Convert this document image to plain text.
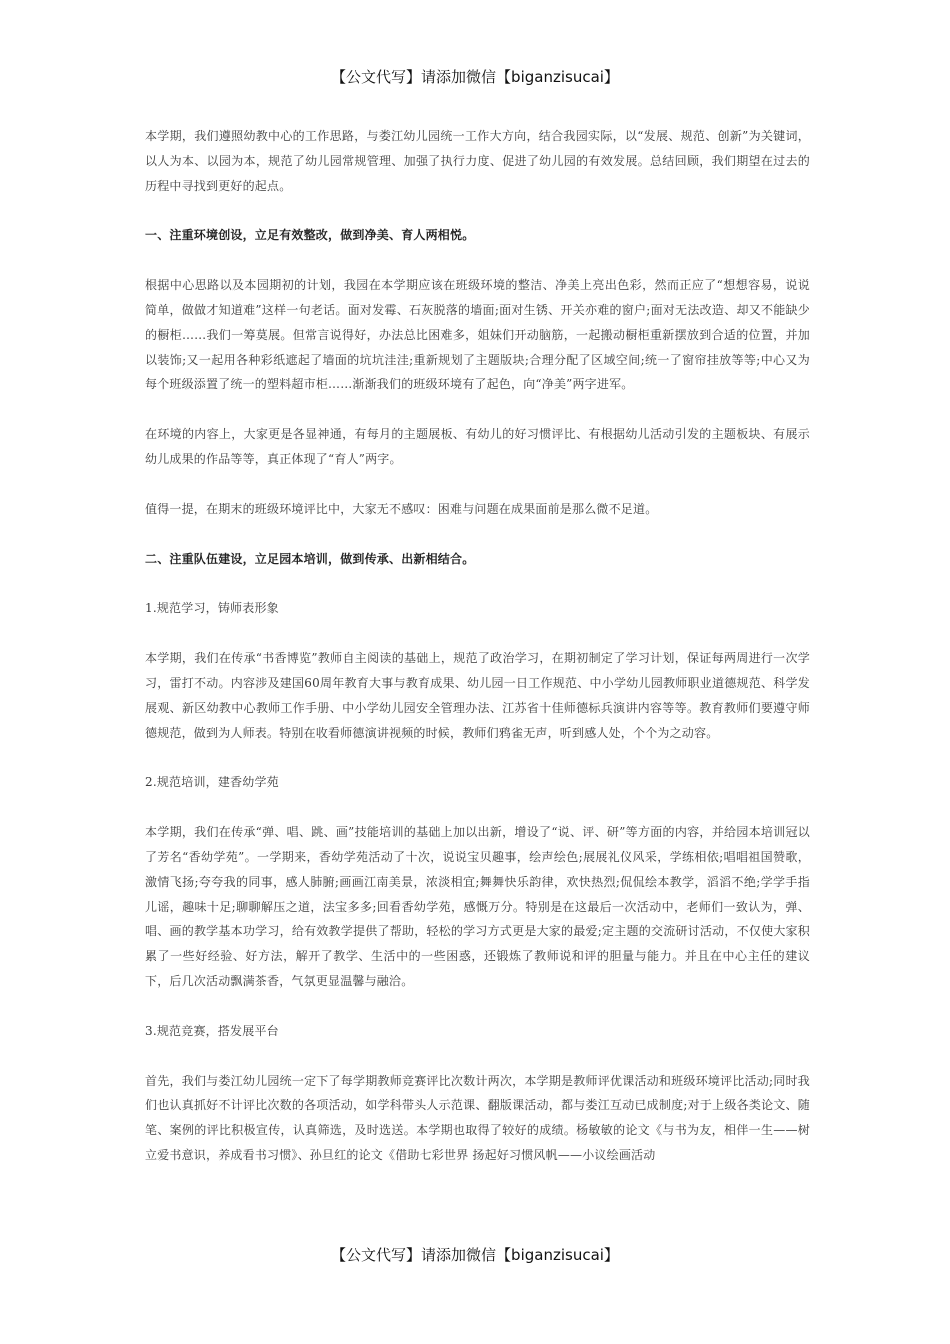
【公文代写】请添加微信【biganzisucai】

本学期，我们遵照幼教中心的工作思路，与娄江幼儿园统一工作大方向，结合我园实际，以“发展、规范、创新”为关键词，以人为本、以园为本，规范了幼儿园常规管理、加强了执行力度、促进了幼儿园的有效发展。总结回顾，我们期望在过去的历程中寻找到更好的起点。

一、注重环境创设，立足有效整改，做到净美、育人两相悦。

根据中心思路以及本园期初的计划，我园在本学期应该在班级环境的整洁、净美上亮出色彩，然而正应了“想想容易，说说简单，做做才知道难”这样一句老话。面对发霉、石灰脱落的墙面;面对生锈、开关亦难的窗户;面对无法改造、却又不能缺少的橱柜……我们一筹莫展。但常言说得好，办法总比困难多，姐妹们开动脑筋，一起搬动橱柜重新摆放到合适的位置，并加以装饰;又一起用各种彩纸遮起了墙面的坑坑洼洼;重新规划了主题版块;合理分配了区域空间;统一了窗帘挂放等等;中心又为每个班级添置了统一的塑料超市柜……渐渐我们的班级环境有了起色，向“净美”两字进军。

在环境的内容上，大家更是各显神通，有每月的主题展板、有幼儿的好习惯评比、有根据幼儿活动引发的主题板块、有展示幼儿成果的作品等等，真正体现了“育人”两字。

值得一提，在期末的班级环境评比中，大家无不感叹：困难与问题在成果面前是那么微不足道。

二、注重队伍建设，立足园本培训，做到传承、出新相结合。

1.规范学习，铸师表形象

本学期，我们在传承“书香博览”教师自主阅读的基础上，规范了政治学习，在期初制定了学习计划，保证每两周进行一次学习，雷打不动。内容涉及建国60周年教育大事与教育成果、幼儿园一日工作规范、中小学幼儿园教师职业道德规范、科学发展观、新区幼教中心教师工作手册、中小学幼儿园安全管理办法、江苏省十佳师德标兵演讲内容等等。教育教师们要遵守师德规范，做到为人师表。特别在收看师德演讲视频的时候，教师们鸦雀无声，听到感人处，个个为之动容。

2.规范培训，建香幼学苑

本学期，我们在传承“弹、唱、跳、画”技能培训的基础上加以出新，增设了“说、评、研”等方面的内容，并给园本培训冠以了芳名“香幼学苑”。一学期来，香幼学苑活动了十次，说说宝贝趣事，绘声绘色;展展礼仪风采，学练相依;唱唱祖国赞歌，激情飞扬;夸夸我的同事，感人肺腑;画画江南美景，浓淡相宜;舞舞快乐韵律，欢快热烈;侃侃绘本教学，滔滔不绝;学学手指儿谣，趣味十足;聊聊解压之道，法宝多多;回看香幼学苑，感慨万分。特别是在这最后一次活动中，老师们一致认为，弹、唱、画的教学基本功学习，给有效教学提供了帮助，轻松的学习方式更是大家的最爱;定主题的交流研讨活动，不仅使大家积累了一些好经验、好方法，解开了教学、生活中的一些困惑，还锻炼了教师说和评的胆量与能力。并且在中心主任的建议下，后几次活动飘满茶香，气氛更显温馨与融洽。

3.规范竞赛，搭发展平台

首先，我们与娄江幼儿园统一定下了每学期教师竞赛评比次数计两次，本学期是教师评优课活动和班级环境评比活动;同时我们也认真抓好不计评比次数的各项活动，如学科带头人示范课、翻版课活动，都与娄江互动已成制度;对于上级各类论文、随笔、案例的评比积极宣传，认真筛选，及时选送。本学期也取得了较好的成绩。杨敏敏的论文《与书为友，相伴一生——树立爱书意识，养成看书习惯》、孙旦红的论文《借助七彩世界 扬起好习惯风帆——小议绘画活动

【公文代写】请添加微信【biganzisucai】
